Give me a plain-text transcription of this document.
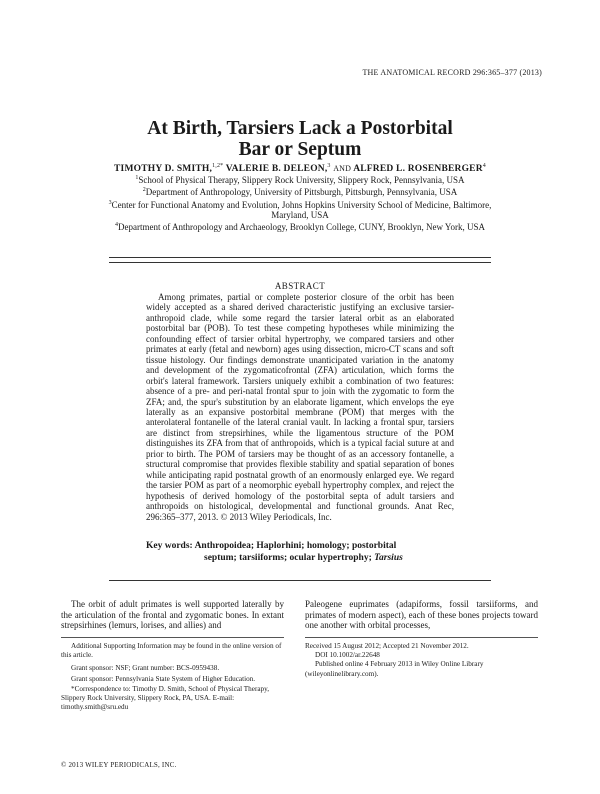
THE ANATOMICAL RECORD 296:365–377 (2013)
At Birth, Tarsiers Lack a Postorbital
Bar or Septum
TIMOTHY D. SMITH,$^{1,2*}$ VALERIE B. DELEON,$^3$ AND ALFRED L. ROSENBERGER$^4$
$^1$School of Physical Therapy, Slippery Rock University, Slippery Rock, Pennsylvania, USA
$^2$Department of Anthropology, University of Pittsburgh, Pittsburgh, Pennsylvania, USA
$^3$Center for Functional Anatomy and Evolution, Johns Hopkins University School of Medicine, Baltimore, Maryland, USA
$^4$Department of Anthropology and Archaeology, Brooklyn College, CUNY, Brooklyn, New York, USA
ABSTRACT
Among primates, partial or complete posterior closure of the orbit has been widely accepted as a shared derived characteristic justifying an exclusive tarsier-anthropoid clade, while some regard the tarsier lateral orbit as an elaborated postorbital bar (POB). To test these competing hypotheses while minimizing the confounding effect of tarsier orbital hypertrophy, we compared tarsiers and other primates at early (fetal and newborn) ages using dissection, micro-CT scans and soft tissue histology. Our findings demonstrate unanticipated variation in the anatomy and development of the zygomaticofrontal (ZFA) articulation, which forms the orbit's lateral framework. Tarsiers uniquely exhibit a combination of two features: absence of a pre- and peri-natal frontal spur to join with the zygomatic to form the ZFA; and, the spur's substitution by an elaborate ligament, which envelops the eye laterally as an expansive postorbital membrane (POM) that merges with the anterolateral fontanelle of the lateral cranial vault. In lacking a frontal spur, tarsiers are distinct from strepsirhines, while the ligamentous structure of the POM distinguishes its ZFA from that of anthropoids, which is a typical facial suture at and prior to birth. The POM of tarsiers may be thought of as an accessory fontanelle, a structural compromise that provides flexible stability and spatial separation of bones while anticipating rapid postnatal growth of an enormously enlarged eye. We regard the tarsier POM as part of a neomorphic eyeball hypertrophy complex, and reject the hypothesis of derived homology of the postorbital septa of adult tarsiers and anthropoids on histological, developmental and functional grounds. Anat Rec, 296:365–377, 2013. © 2013 Wiley Periodicals, Inc.
Key words: Anthropoidea; Haplorhini; homology; postorbital
septum; tarsiiforms; ocular hypertrophy; Tarsius
The orbit of adult primates is well supported laterally by the articulation of the frontal and zygomatic bones. In extant strepsirhines (lemurs, lorises, and allies) and
Paleogene euprimates (adapiforms, fossil tarsiiforms, and primates of modern aspect), each of these bones projects toward one another with orbital processes,

Additional Supporting Information may be found in the online version of this article.

Grant sponsor: NSF; Grant number: BCS-0959438.

Grant sponsor: Pennsylvania State System of Higher Education.

*Correspondence to: Timothy D. Smith, School of Physical Therapy, Slippery Rock University, Slippery Rock, PA, USA. E-mail: timothy.smith@sru.edu

Received 15 August 2012; Accepted 21 November 2012.

DOI 10.1002/ar.22648

Published online 4 February 2013 in Wiley Online Library (wileyonlinelibrary.com).

© 2013 WILEY PERIODICALS, INC.
